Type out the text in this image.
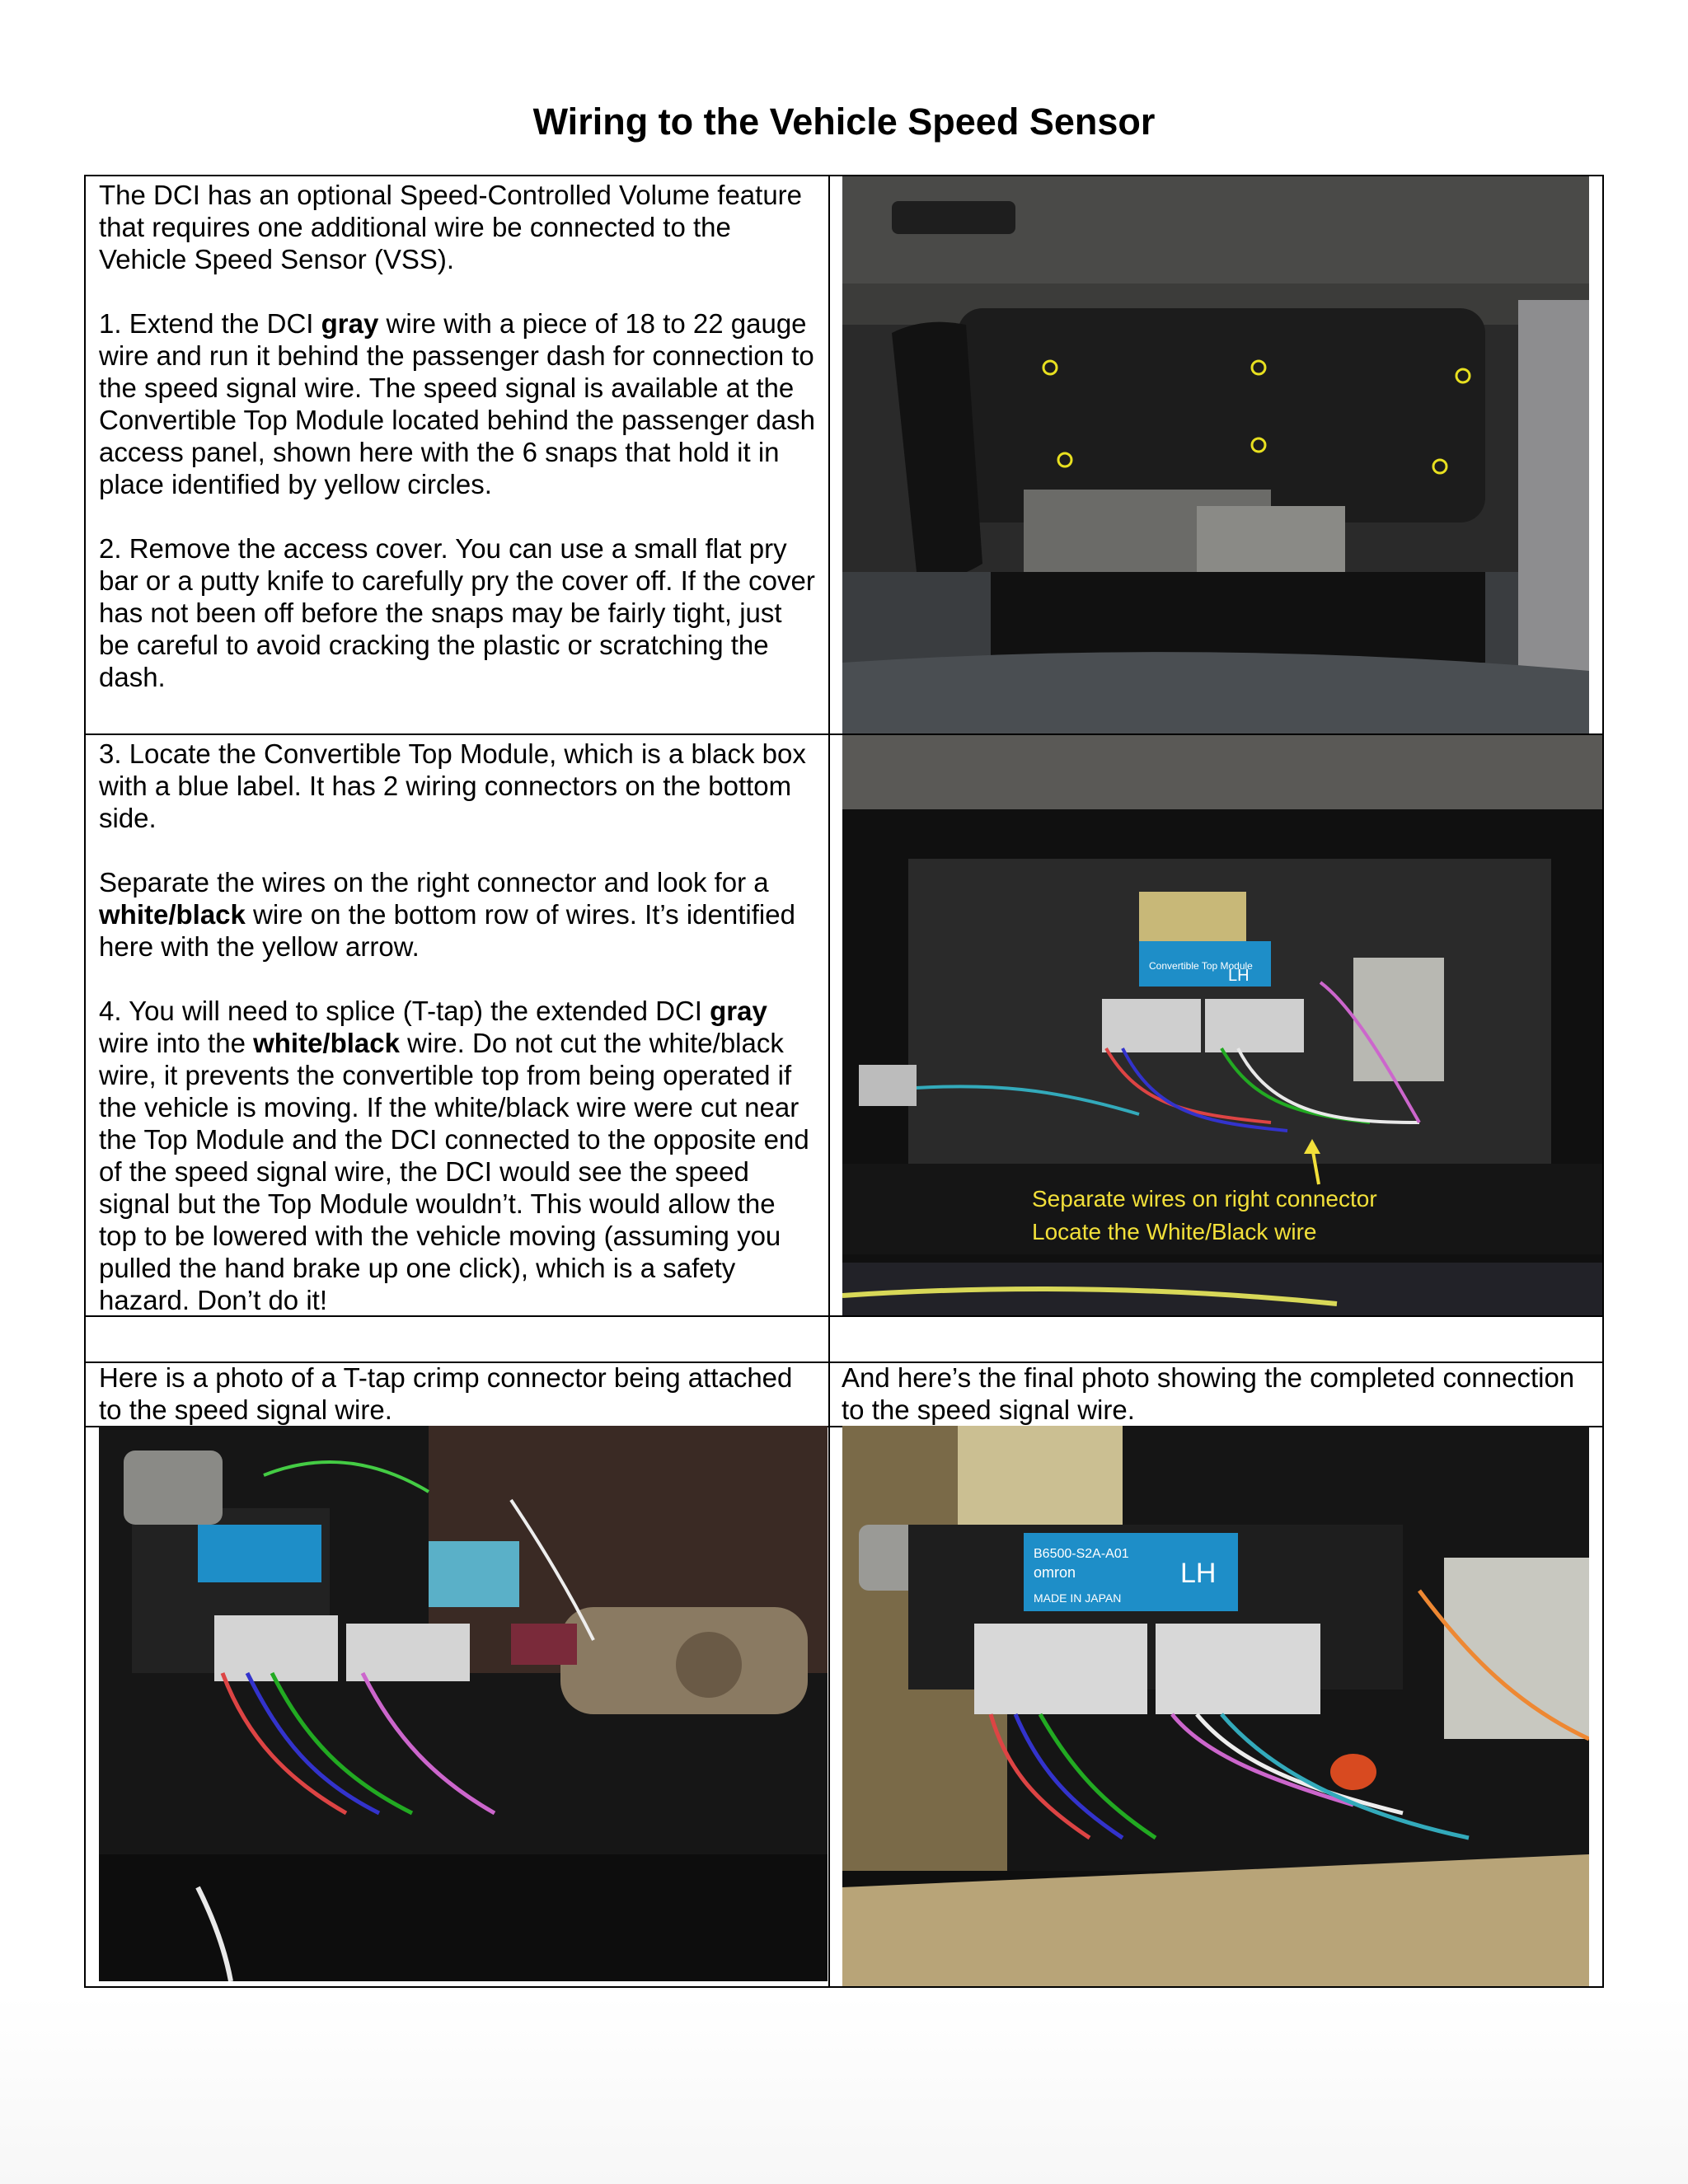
Wiring to the Vehicle Speed Sensor

The DCI has an optional Speed-Controlled Volume feature that requires one additional wire be connected to the Vehicle Speed Sensor (VSS).

1. Extend the DCI gray wire with a piece of 18 to 22 gauge wire and run it behind the passenger dash for connection to the speed signal wire. The speed signal is available at the Convertible Top Module located behind the passenger dash access panel, shown here with the 6 snaps that hold it in place identified by yellow circles.

2. Remove the access cover. You can use a small flat pry bar or a putty knife to carefully pry the cover off. If the cover has not been off before the snaps may be fairly tight, just be careful to avoid cracking the plastic or scratching the dash.

3. Locate the Convertible Top Module, which is a black box with a blue label. It has 2 wiring connectors on the bottom side.

Separate the wires on the right connector and look for a white/black wire on the bottom row of wires. It’s identified here with the yellow arrow.

4. You will need to splice (T-tap) the extended DCI gray wire into the white/black wire. Do not cut the white/black wire, it prevents the convertible top from being operated if the vehicle is moving. If the white/black wire were cut near the Top Module and the DCI connected to the opposite end of the speed signal wire, the DCI would see the speed signal but the Top Module wouldn’t. This would allow the top to be lowered with the vehicle moving (assuming you pulled the hand brake up one click), which is a safety hazard. Don’t do it!

Here is a photo of a T-tap crimp connector being attached to the speed signal wire.
And here’s the final photo showing the completed connection to the speed signal wire.
Convertible Top Module
LH
Separate wires on right connector
Locate the White/Black wire
B6500-S2A-A01
omron	LH
MADE IN JAPAN
